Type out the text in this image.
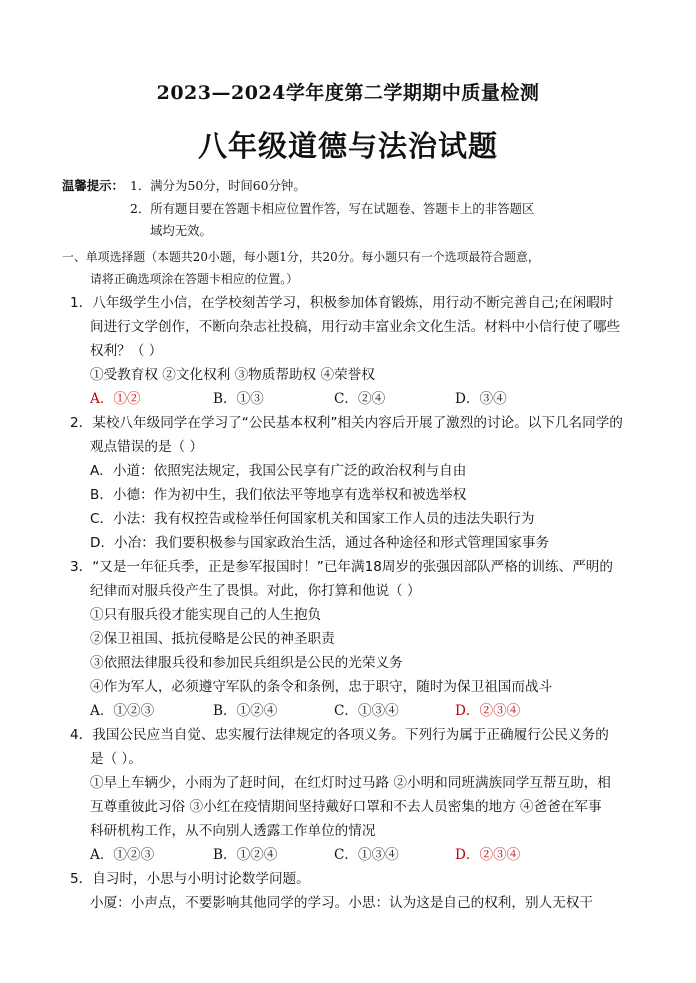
2023—2024学年度第二学期期中质量检测
八年级道德与法治试题
温馨提示： 1．满分为50分，时间60分钟。
2．所有题目要在答题卡相应位置作答，写在试题卷、答题卡上的非答题区
域均无效。
一、单项选择题（本题共20小题，每小题1分，共20分。每小题只有一个选项最符合题意，
请将正确选项涂在答题卡相应的位置。）
1．八年级学生小信，在学校刻苦学习，积极参加体育锻炼，用行动不断完善自己;在闲暇时
间进行文学创作，不断向杂志社投稿，用行动丰富业余文化生活。材料中小信行使了哪些
权利？（ ）
①受教育权 ②文化权利 ③物质帮助权 ④荣誉权
A．①②	B．①③	C．②④	D．③④
2．某校八年级同学在学习了“公民基本权利”相关内容后开展了激烈的讨论。以下几名同学的
观点错误的是（ ）
A．小道：依照宪法规定，我国公民享有广泛的政治权利与自由
B．小德：作为初中生，我们依法平等地享有选举权和被选举权
C．小法：我有权控告或检举任何国家机关和国家工作人员的违法失职行为
D．小冶：我们要积极参与国家政治生活，通过各种途径和形式管理国家事务
3．“又是一年征兵季，正是参军报国时！”已年满18周岁的张强因部队严格的训练、严明的
纪律而对服兵役产生了畏惧。对此，你打算和他说（ ）
①只有服兵役才能实现自己的人生抱负
②保卫祖国、抵抗侵略是公民的神圣职责
③依照法律服兵役和参加民兵组织是公民的光荣义务
④作为军人，必须遵守军队的条令和条例，忠于职守，随时为保卫祖国而战斗
A．①②③	B．①②④	C．①③④	D．②③④
4．我国公民应当自觉、忠实履行法律规定的各项义务。下列行为属于正确履行公民义务的
是（ ）。
①早上车辆少，小雨为了赶时间，在红灯时过马路 ②小明和同班满族同学互帮互助，相
互尊重彼此习俗 ③小红在疫情期间坚持戴好口罩和不去人员密集的地方 ④爸爸在军事
科研机构工作，从不向别人透露工作单位的情况
A．①②③	B．①②④	C．①③④	D．②③④
5．自习时，小思与小明讨论数学问题。
小厦：小声点，不要影响其他同学的学习。小思：认为这是自己的权利，别人无权干
